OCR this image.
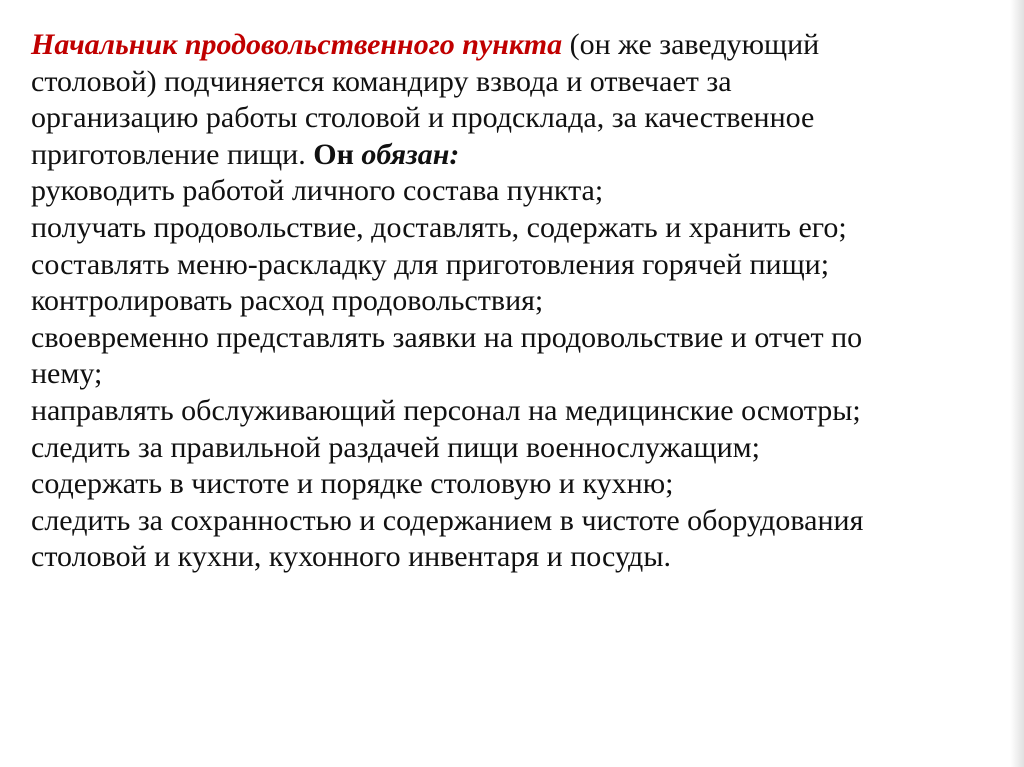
Начальник продовольственного пункта (он же заведующий

столовой) подчиняется командиру взвода и отвечает за

организацию работы столовой и продсклада, за качественное

приготовление пищи. Он обязан:

руководить работой личного состава пункта;

получать продовольствие, доставлять, содержать и хранить его;

составлять меню-раскладку для приготовления горячей пищи;

контролировать расход продовольствия;

своевременно представлять заявки на продовольствие и отчет по

нему;

направлять обслуживающий персонал на медицинские осмотры;

следить за правильной раздачей пищи военнослужащим;

содержать в чистоте и порядке столовую и кухню;

следить за сохранностью и содержанием в чистоте оборудования

столовой и кухни, кухонного инвентаря и посуды.
